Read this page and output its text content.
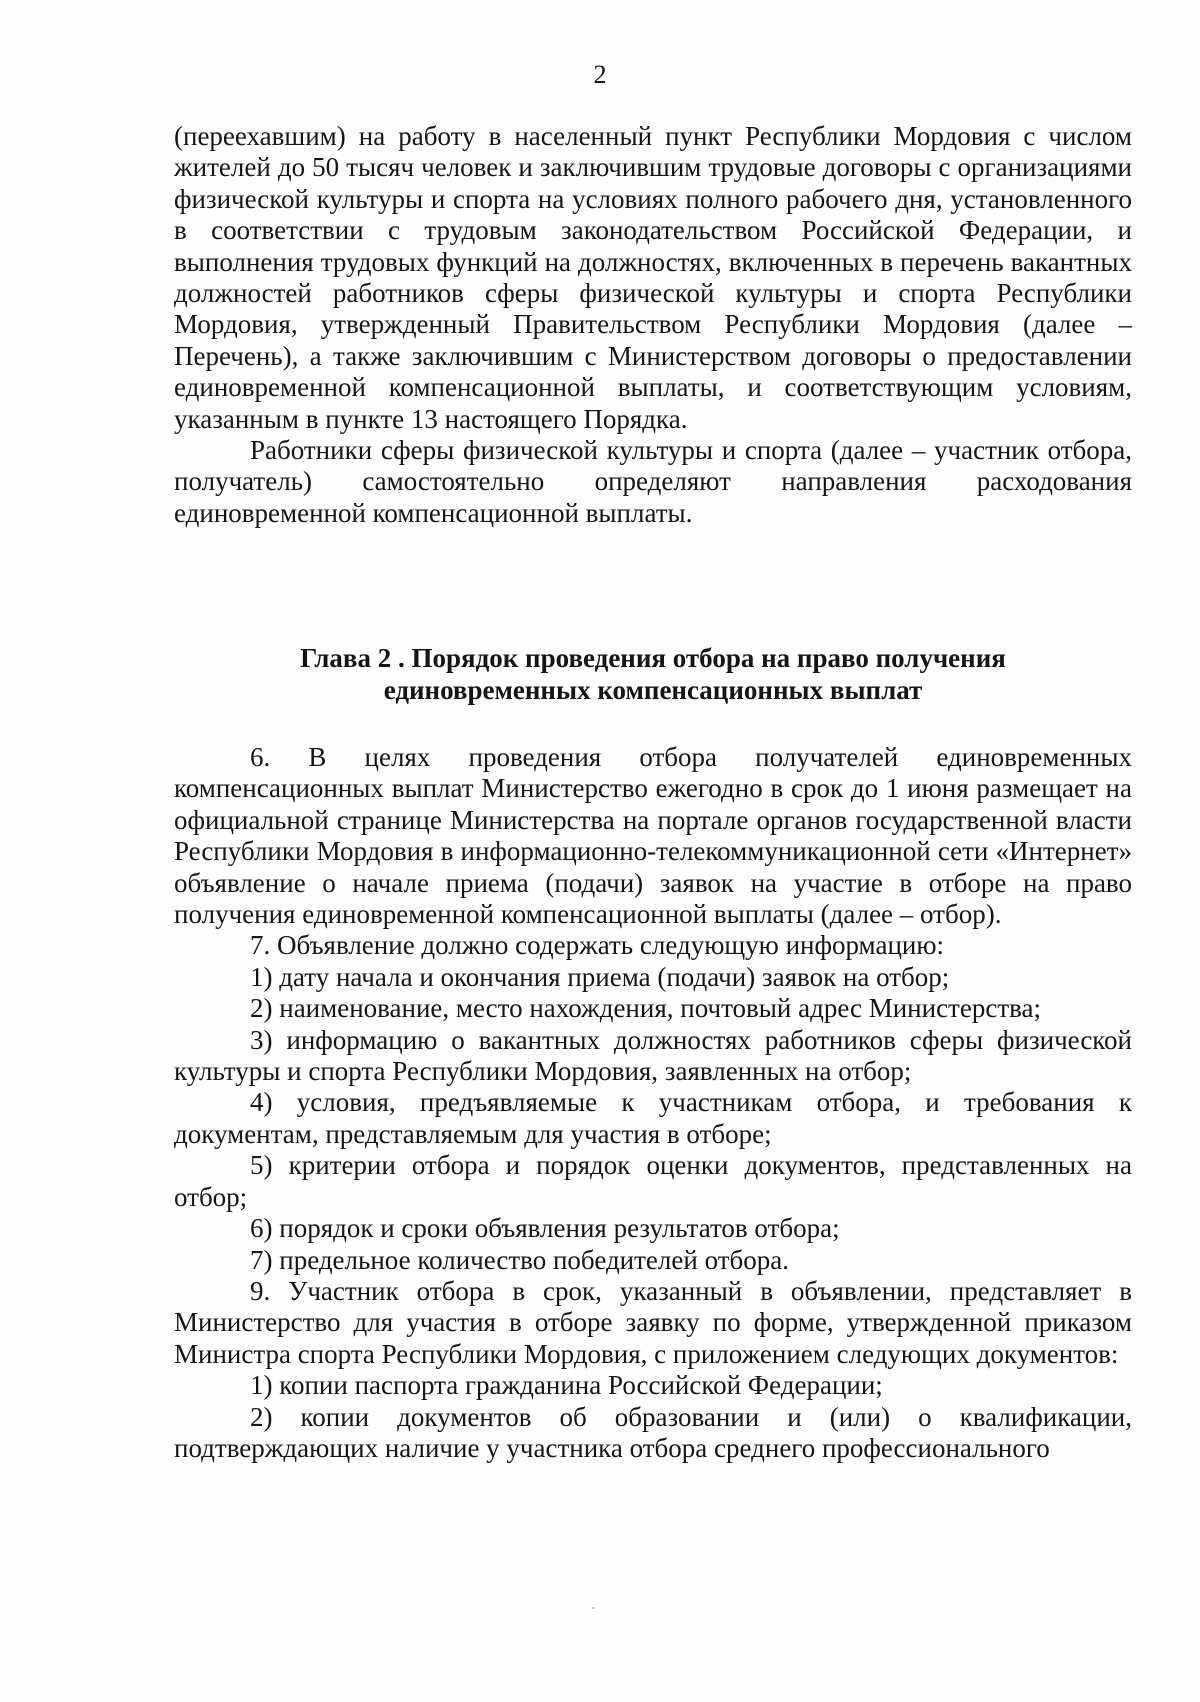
2

(переехавшим) на работу в населенный пункт Республики Мордовия с числом жителей до 50 тысяч человек и заключившим трудовые договоры с организациями физической культуры и спорта на условиях полного рабочего дня, установленного в соответствии с трудовым законодательством Российской Федерации, и выполнения трудовых функций на должностях, включенных в перечень вакантных должностей работников сферы физической культуры и спорта Республики Мордовия, утвержденный Правительством Республики Мордовия (далее – Перечень), а также заключившим с Министерством договоры о предоставлении единовременной компенсационной выплаты, и соответствующим условиям, указанным в пункте 13 настоящего Порядка.

Работники сферы физической культуры и спорта (далее – участник отбора, получатель) самостоятельно определяют направления расходования единовременной компенсационной выплаты.

Глава 2 . Порядок проведения отбора на право получения
единовременных компенсационных выплат

6. В целях проведения отбора получателей единовременных компенсационных выплат Министерство ежегодно в срок до 1 июня размещает на официальной странице Министерства на портале органов государственной власти Республики Мордовия в информационно-телекоммуникационной сети «Интернет» объявление о начале приема (подачи) заявок на участие в отборе на право получения единовременной компенсационной выплаты (далее – отбор).

7. Объявление должно содержать следующую информацию:

1) дату начала и окончания приема (подачи) заявок на отбор;

2) наименование, место нахождения, почтовый адрес Министерства;

3) информацию о вакантных должностях работников сферы физической культуры и спорта Республики Мордовия, заявленных на отбор;

4) условия, предъявляемые к участникам отбора, и требования к документам, представляемым для участия в отборе;

5) критерии отбора и порядок оценки документов, представленных на отбор;

6) порядок и сроки объявления результатов отбора;

7) предельное количество победителей отбора.

9. Участник отбора в срок, указанный в объявлении, представляет в Министерство для участия в отборе заявку по форме, утвержденной приказом Министра спорта Республики Мордовия, с приложением следующих документов:

1) копии паспорта гражданина Российской Федерации;

2) копии документов об образовании и (или) о квалификации, подтверждающих наличие у участника отбора среднего профессионального
